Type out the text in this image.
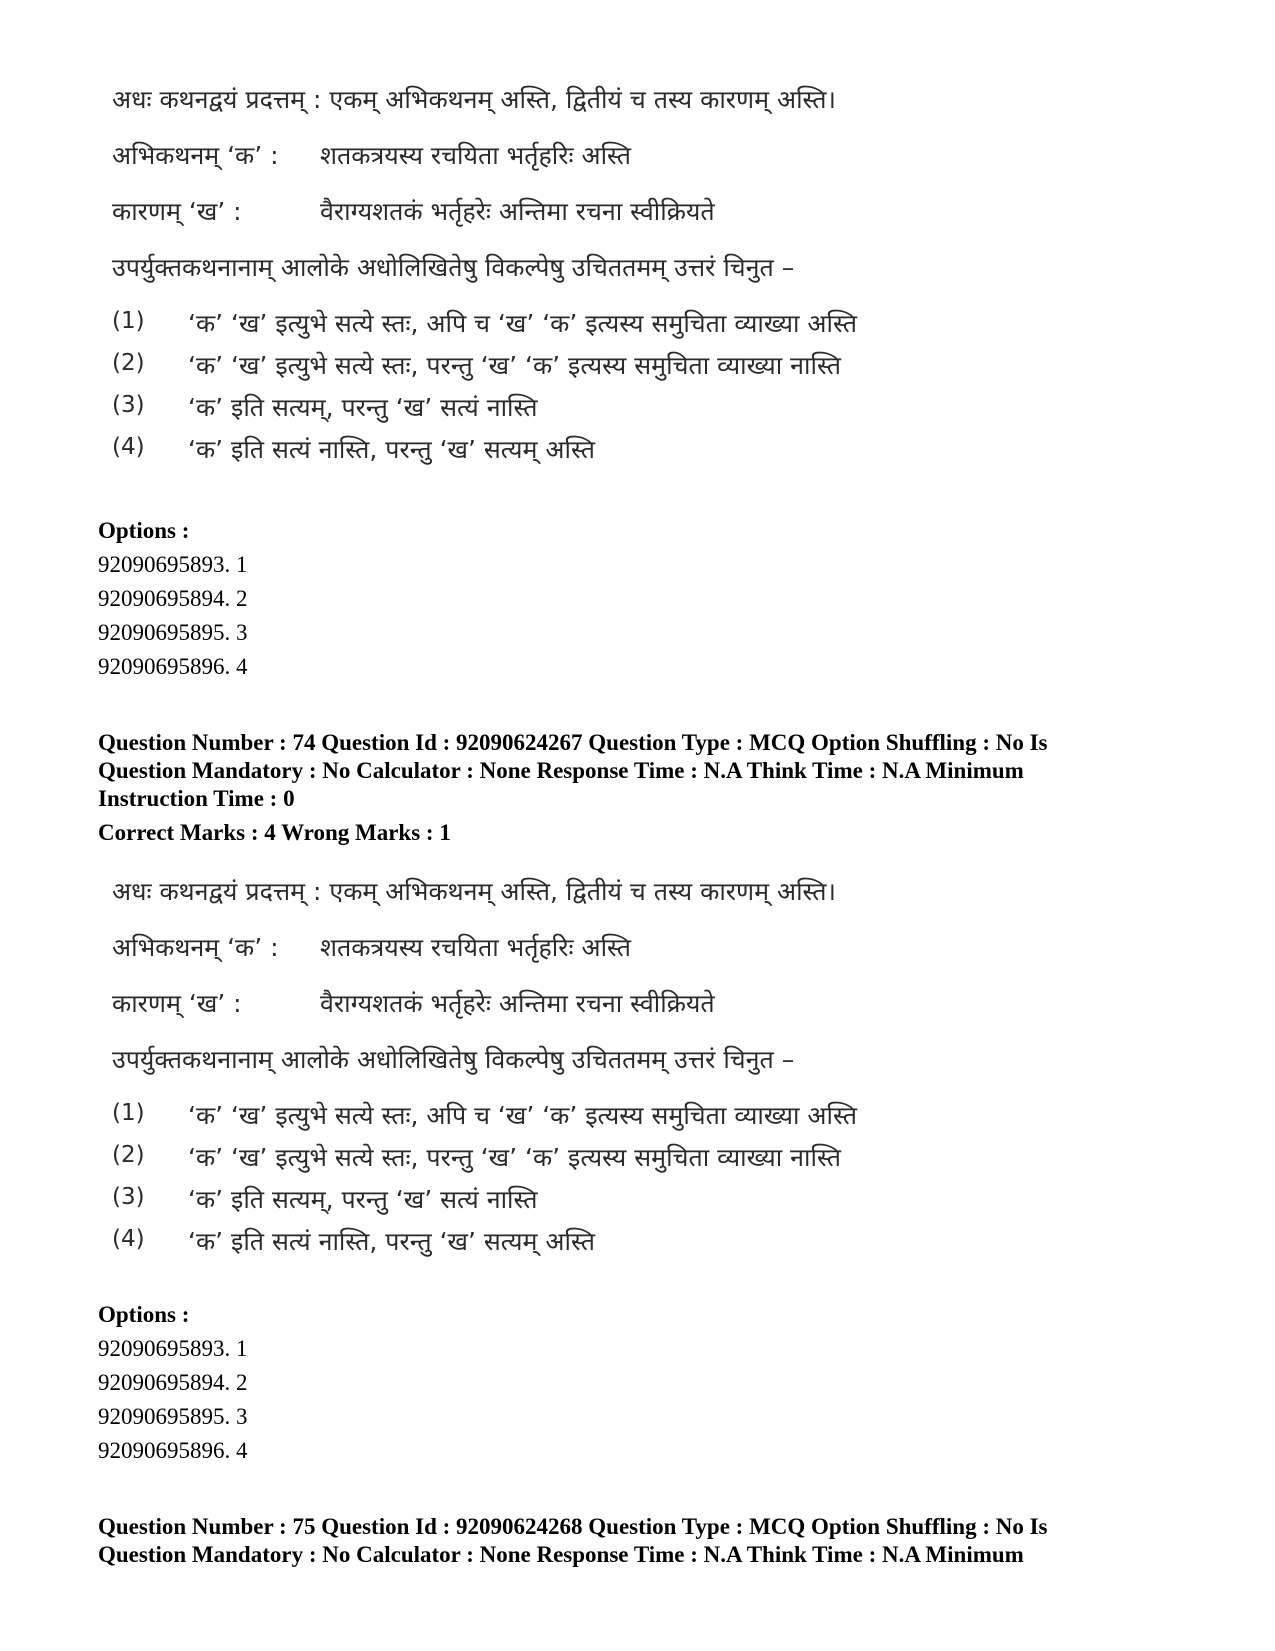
अधः कथनद्वयं प्रदत्तम् : एकम् अभिकथनम् अस्ति, द्वितीयं च तस्य कारणम् अस्ति।
अभिकथनम् ‘क’ : शतकत्रयस्य रचयिता भर्तृहरिः अस्ति
कारणम् ‘ख’ :	वैराग्यशतकं भर्तृहरेः अन्तिमा रचना स्वीक्रियते
उपर्युक्तकथनानाम् आलोके अधोलिखितेषु विकल्पेषु उचिततमम् उत्तरं चिनुत –
(1) ‘क’ ‘ख’ इत्युभे सत्ये स्तः, अपि च ‘ख’ ‘क’ इत्यस्य समुचिता व्याख्या अस्ति
(2) ‘क’ ‘ख’ इत्युभे सत्ये स्तः, परन्तु ‘ख’ ‘क’ इत्यस्य समुचिता व्याख्या नास्ति
(3) ‘क’ इति सत्यम्, परन्तु ‘ख’ सत्यं नास्ति
(4) ‘क’ इति सत्यं नास्ति, परन्तु ‘ख’ सत्यम् अस्ति
Options :
92090695893. 1
92090695894. 2
92090695895. 3
92090695896. 4
Question Number : 74 Question Id : 92090624267 Question Type : MCQ Option Shuffling : No Is
Question Mandatory : No Calculator : None Response Time : N.A Think Time : N.A Minimum
Instruction Time : 0
Correct Marks : 4 Wrong Marks : 1
अधः कथनद्वयं प्रदत्तम् : एकम् अभिकथनम् अस्ति, द्वितीयं च तस्य कारणम् अस्ति।
अभिकथनम् ‘क’ : शतकत्रयस्य रचयिता भर्तृहरिः अस्ति
कारणम् ‘ख’ :	वैराग्यशतकं भर्तृहरेः अन्तिमा रचना स्वीक्रियते
उपर्युक्तकथनानाम् आलोके अधोलिखितेषु विकल्पेषु उचिततमम् उत्तरं चिनुत –
(1) ‘क’ ‘ख’ इत्युभे सत्ये स्तः, अपि च ‘ख’ ‘क’ इत्यस्य समुचिता व्याख्या अस्ति
(2) ‘क’ ‘ख’ इत्युभे सत्ये स्तः, परन्तु ‘ख’ ‘क’ इत्यस्य समुचिता व्याख्या नास्ति
(3) ‘क’ इति सत्यम्, परन्तु ‘ख’ सत्यं नास्ति
(4) ‘क’ इति सत्यं नास्ति, परन्तु ‘ख’ सत्यम् अस्ति
Options :
92090695893. 1
92090695894. 2
92090695895. 3
92090695896. 4
Question Number : 75 Question Id : 92090624268 Question Type : MCQ Option Shuffling : No Is
Question Mandatory : No Calculator : None Response Time : N.A Think Time : N.A Minimum
